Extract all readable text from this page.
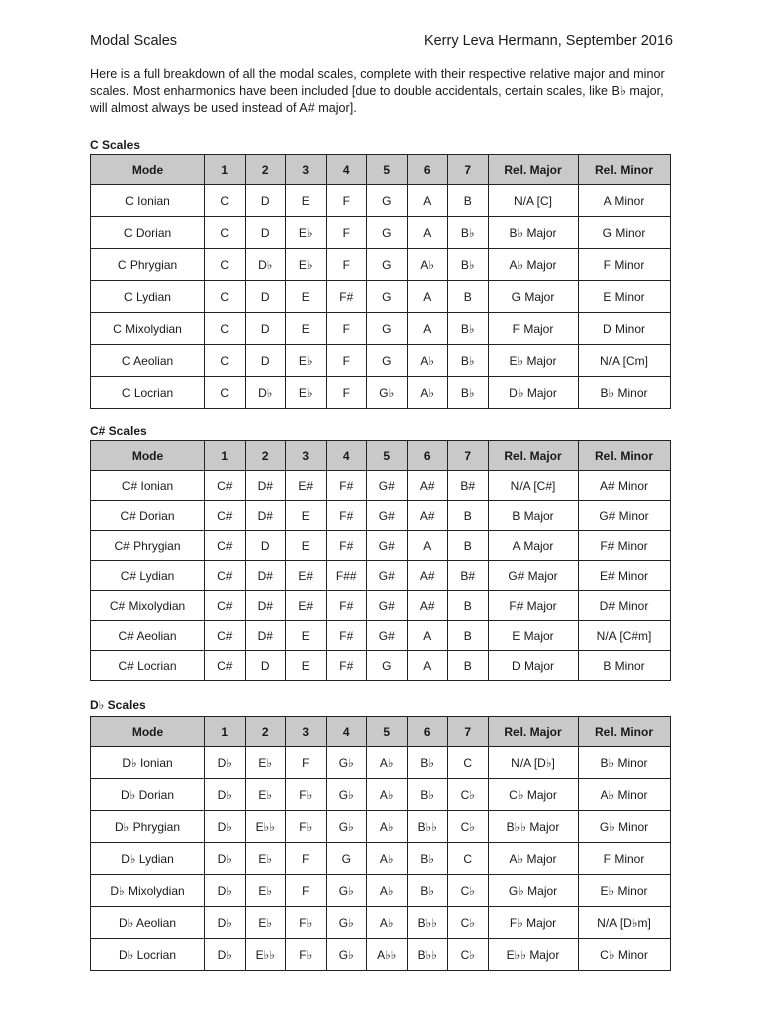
Modal Scales	Kerry Leva Hermann, September 2016
Here is a full breakdown of all the modal scales, complete with their respective relative major and minor scales. Most enharmonics have been included [due to double accidentals, certain scales, like B♭ major, will almost always be used instead of A# major].
C Scales
Mode	1	2	3	4	5	6	7	Rel. Major	Rel. Minor
C Ionian	C	D	E	F	G	A	B	N/A [C]	A Minor
C Dorian	C	D	E♭	F	G	A	B♭	B♭ Major	G Minor
C Phrygian	C	D♭	E♭	F	G	A♭	B♭	A♭ Major	F Minor
C Lydian	C	D	E	F#	G	A	B	G Major	E Minor
C Mixolydian	C	D	E	F	G	A	B♭	F Major	D Minor
C Aeolian	C	D	E♭	F	G	A♭	B♭	E♭ Major	N/A [Cm]
C Locrian	C	D♭	E♭	F	G♭	A♭	B♭	D♭ Major	B♭ Minor
C# Scales
Mode	1	2	3	4	5	6	7	Rel. Major	Rel. Minor
C# Ionian	C#	D#	E#	F#	G#	A#	B#	N/A [C#]	A# Minor
C# Dorian	C#	D#	E	F#	G#	A#	B	B Major	G# Minor
C# Phrygian	C#	D	E	F#	G#	A	B	A Major	F# Minor
C# Lydian	C#	D#	E#	F##	G#	A#	B#	G# Major	E# Minor
C# Mixolydian	C#	D#	E#	F#	G#	A#	B	F# Major	D# Minor
C# Aeolian	C#	D#	E	F#	G#	A	B	E Major	N/A [C#m]
C# Locrian	C#	D	E	F#	G	A	B	D Major	B Minor
D♭ Scales
Mode	1	2	3	4	5	6	7	Rel. Major	Rel. Minor
D♭ Ionian	D♭	E♭	F	G♭	A♭	B♭	C	N/A [D♭]	B♭ Minor
D♭ Dorian	D♭	E♭	F♭	G♭	A♭	B♭	C♭	C♭ Major	A♭ Minor
D♭ Phrygian	D♭	E♭♭	F♭	G♭	A♭	B♭♭	C♭	B♭♭ Major	G♭ Minor
D♭ Lydian	D♭	E♭	F	G	A♭	B♭	C	A♭ Major	F Minor
D♭ Mixolydian	D♭	E♭	F	G♭	A♭	B♭	C♭	G♭ Major	E♭ Minor
D♭ Aeolian	D♭	E♭	F♭	G♭	A♭	B♭♭	C♭	F♭ Major	N/A [D♭m]
D♭ Locrian	D♭	E♭♭	F♭	G♭	A♭♭	B♭♭	C♭	E♭♭ Major	C♭ Minor
